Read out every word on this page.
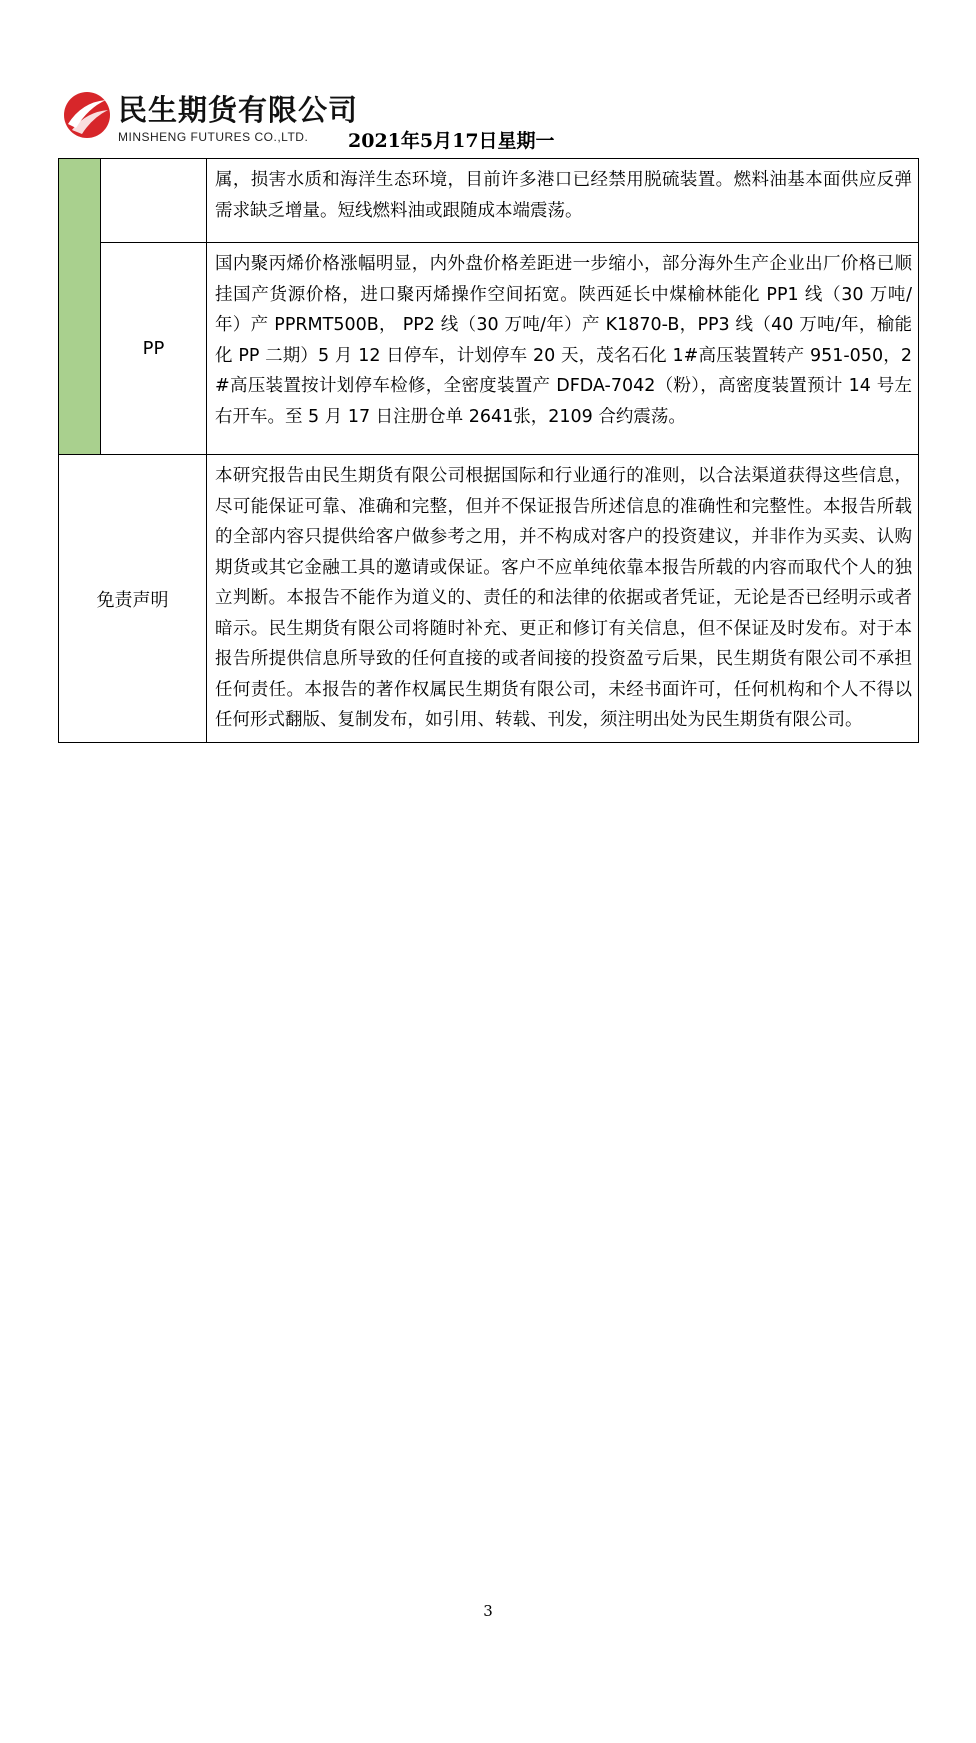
民生期货有限公司
MINSHENG FUTURES CO.,LTD. 2021年5月17日星期一
		属，损害水质和海洋生态环境，目前许多港口已经禁用脱硫装置。燃料油基本面供应反弹需求缺乏增量。短线燃料油或跟随成本端震荡。
	PP	国内聚丙烯价格涨幅明显，内外盘价格差距进一步缩小，部分海外生产企业出厂价格已顺挂国产货源价格，进口聚丙烯操作空间拓宽。陕西延长中煤榆林能化 PP1 线（30 万吨/年）产 PPRMT500B， PP2 线（30 万吨/年）产 K1870-B，PP3 线（40 万吨/年，榆能化 PP 二期）5 月 12 日停车，计划停车 20 天，茂名石化 1#高压装置转产 951-050，2#高压装置按计划停车检修，全密度装置产 DFDA-7042（粉），高密度装置预计 14 号左右开车。至 5 月 17 日注册仓单 2641张，2109 合约震荡。
免责声明		本研究报告由民生期货有限公司根据国际和行业通行的准则，以合法渠道获得这些信息，尽可能保证可靠、准确和完整，但并不保证报告所述信息的准确性和完整性。本报告所载的全部内容只提供给客户做参考之用，并不构成对客户的投资建议，并非作为买卖、认购期货或其它金融工具的邀请或保证。客户不应单纯依靠本报告所载的内容而取代个人的独立判断。本报告不能作为道义的、责任的和法律的依据或者凭证，无论是否已经明示或者暗示。民生期货有限公司将随时补充、更正和修订有关信息，但不保证及时发布。对于本报告所提供信息所导致的任何直接的或者间接的投资盈亏后果，民生期货有限公司不承担任何责任。本报告的著作权属民生期货有限公司，未经书面许可，任何机构和个人不得以任何形式翻版、复制发布，如引用、转载、刊发，须注明出处为民生期货有限公司。
3
